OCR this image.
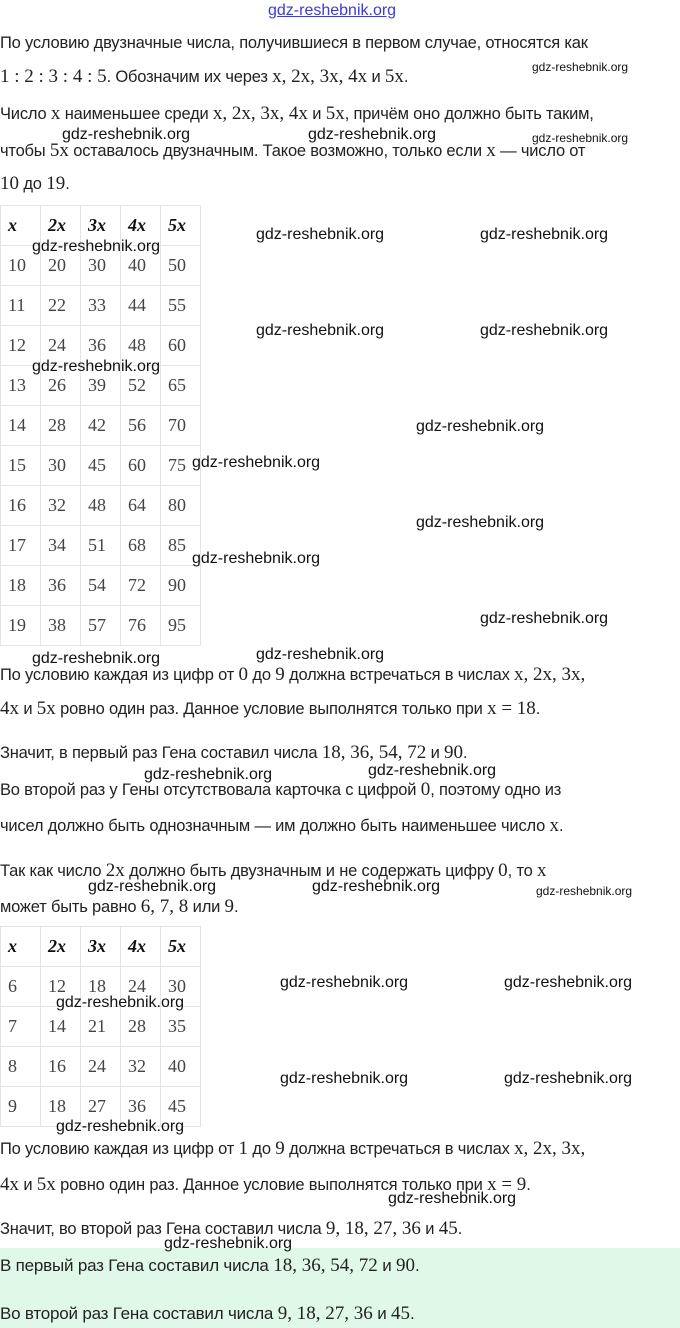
gdz-reshebnik.org
По условию двузначные числа, получившиеся в первом случае, относятся как
1 : 2 : 3 : 4 : 5. Обозначим их через x, 2x, 3x, 4x и 5x.
Число x наименьшее среди x, 2x, 3x, 4x и 5x, причём оно должно быть таким,
чтобы 5x оставалось двузначным. Такое возможно, только если x — число от
10 до 19.
x	2x	3x	4x	5x
10	20	30	40	50
11	22	33	44	55
12	24	36	48	60
13	26	39	52	65
14	28	42	56	70
15	30	45	60	75
16	32	48	64	80
17	34	51	68	85
18	36	54	72	90
19	38	57	76	95
По условию каждая из цифр от 0 до 9 должна встречаться в числах x, 2x, 3x,
4x и 5x ровно один раз. Данное условие выполнятся только при x = 18.
Значит, в первый раз Гена составил числа 18, 36, 54, 72 и 90.
Во второй раз у Гены отсутствовала карточка с цифрой 0, поэтому одно из
чисел должно быть однозначным — им должно быть наименьшее число x.
Так как число 2x должно быть двузначным и не содержать цифру 0, то x
может быть равно 6, 7, 8 или 9.
x	2x	3x	4x	5x
6	12	18	24	30
7	14	21	28	35
8	16	24	32	40
9	18	27	36	45
По условию каждая из цифр от 1 до 9 должна встречаться в числах x, 2x, 3x,
4x и 5x ровно один раз. Данное условие выполнятся только при x = 9.
Значит, во второй раз Гена составил числа 9, 18, 27, 36 и 45.
В первый раз Гена составил числа 18, 36, 54, 72 и 90.
Во второй раз Гена составил числа 9, 18, 27, 36 и 45.
gdz-reshebnik.org
gdz-reshebnik.org	gdz-reshebnik.org	gdz-reshebnik.org
gdz-reshebnik.org
gdz-reshebnik.org	gdz-reshebnik.org
gdz-reshebnik.org	gdz-reshebnik.org
gdz-reshebnik.org
gdz-reshebnik.org
gdz-reshebnik.org
gdz-reshebnik.org
gdz-reshebnik.org
gdz-reshebnik.org
gdz-reshebnik.org	gdz-reshebnik.org
gdz-reshebnik.org	gdz-reshebnik.org
gdz-reshebnik.org	gdz-reshebnik.org	gdz-reshebnik.org
gdz-reshebnik.org	gdz-reshebnik.org
gdz-reshebnik.org
gdz-reshebnik.org	gdz-reshebnik.org
gdz-reshebnik.org
gdz-reshebnik.org
gdz-reshebnik.org
